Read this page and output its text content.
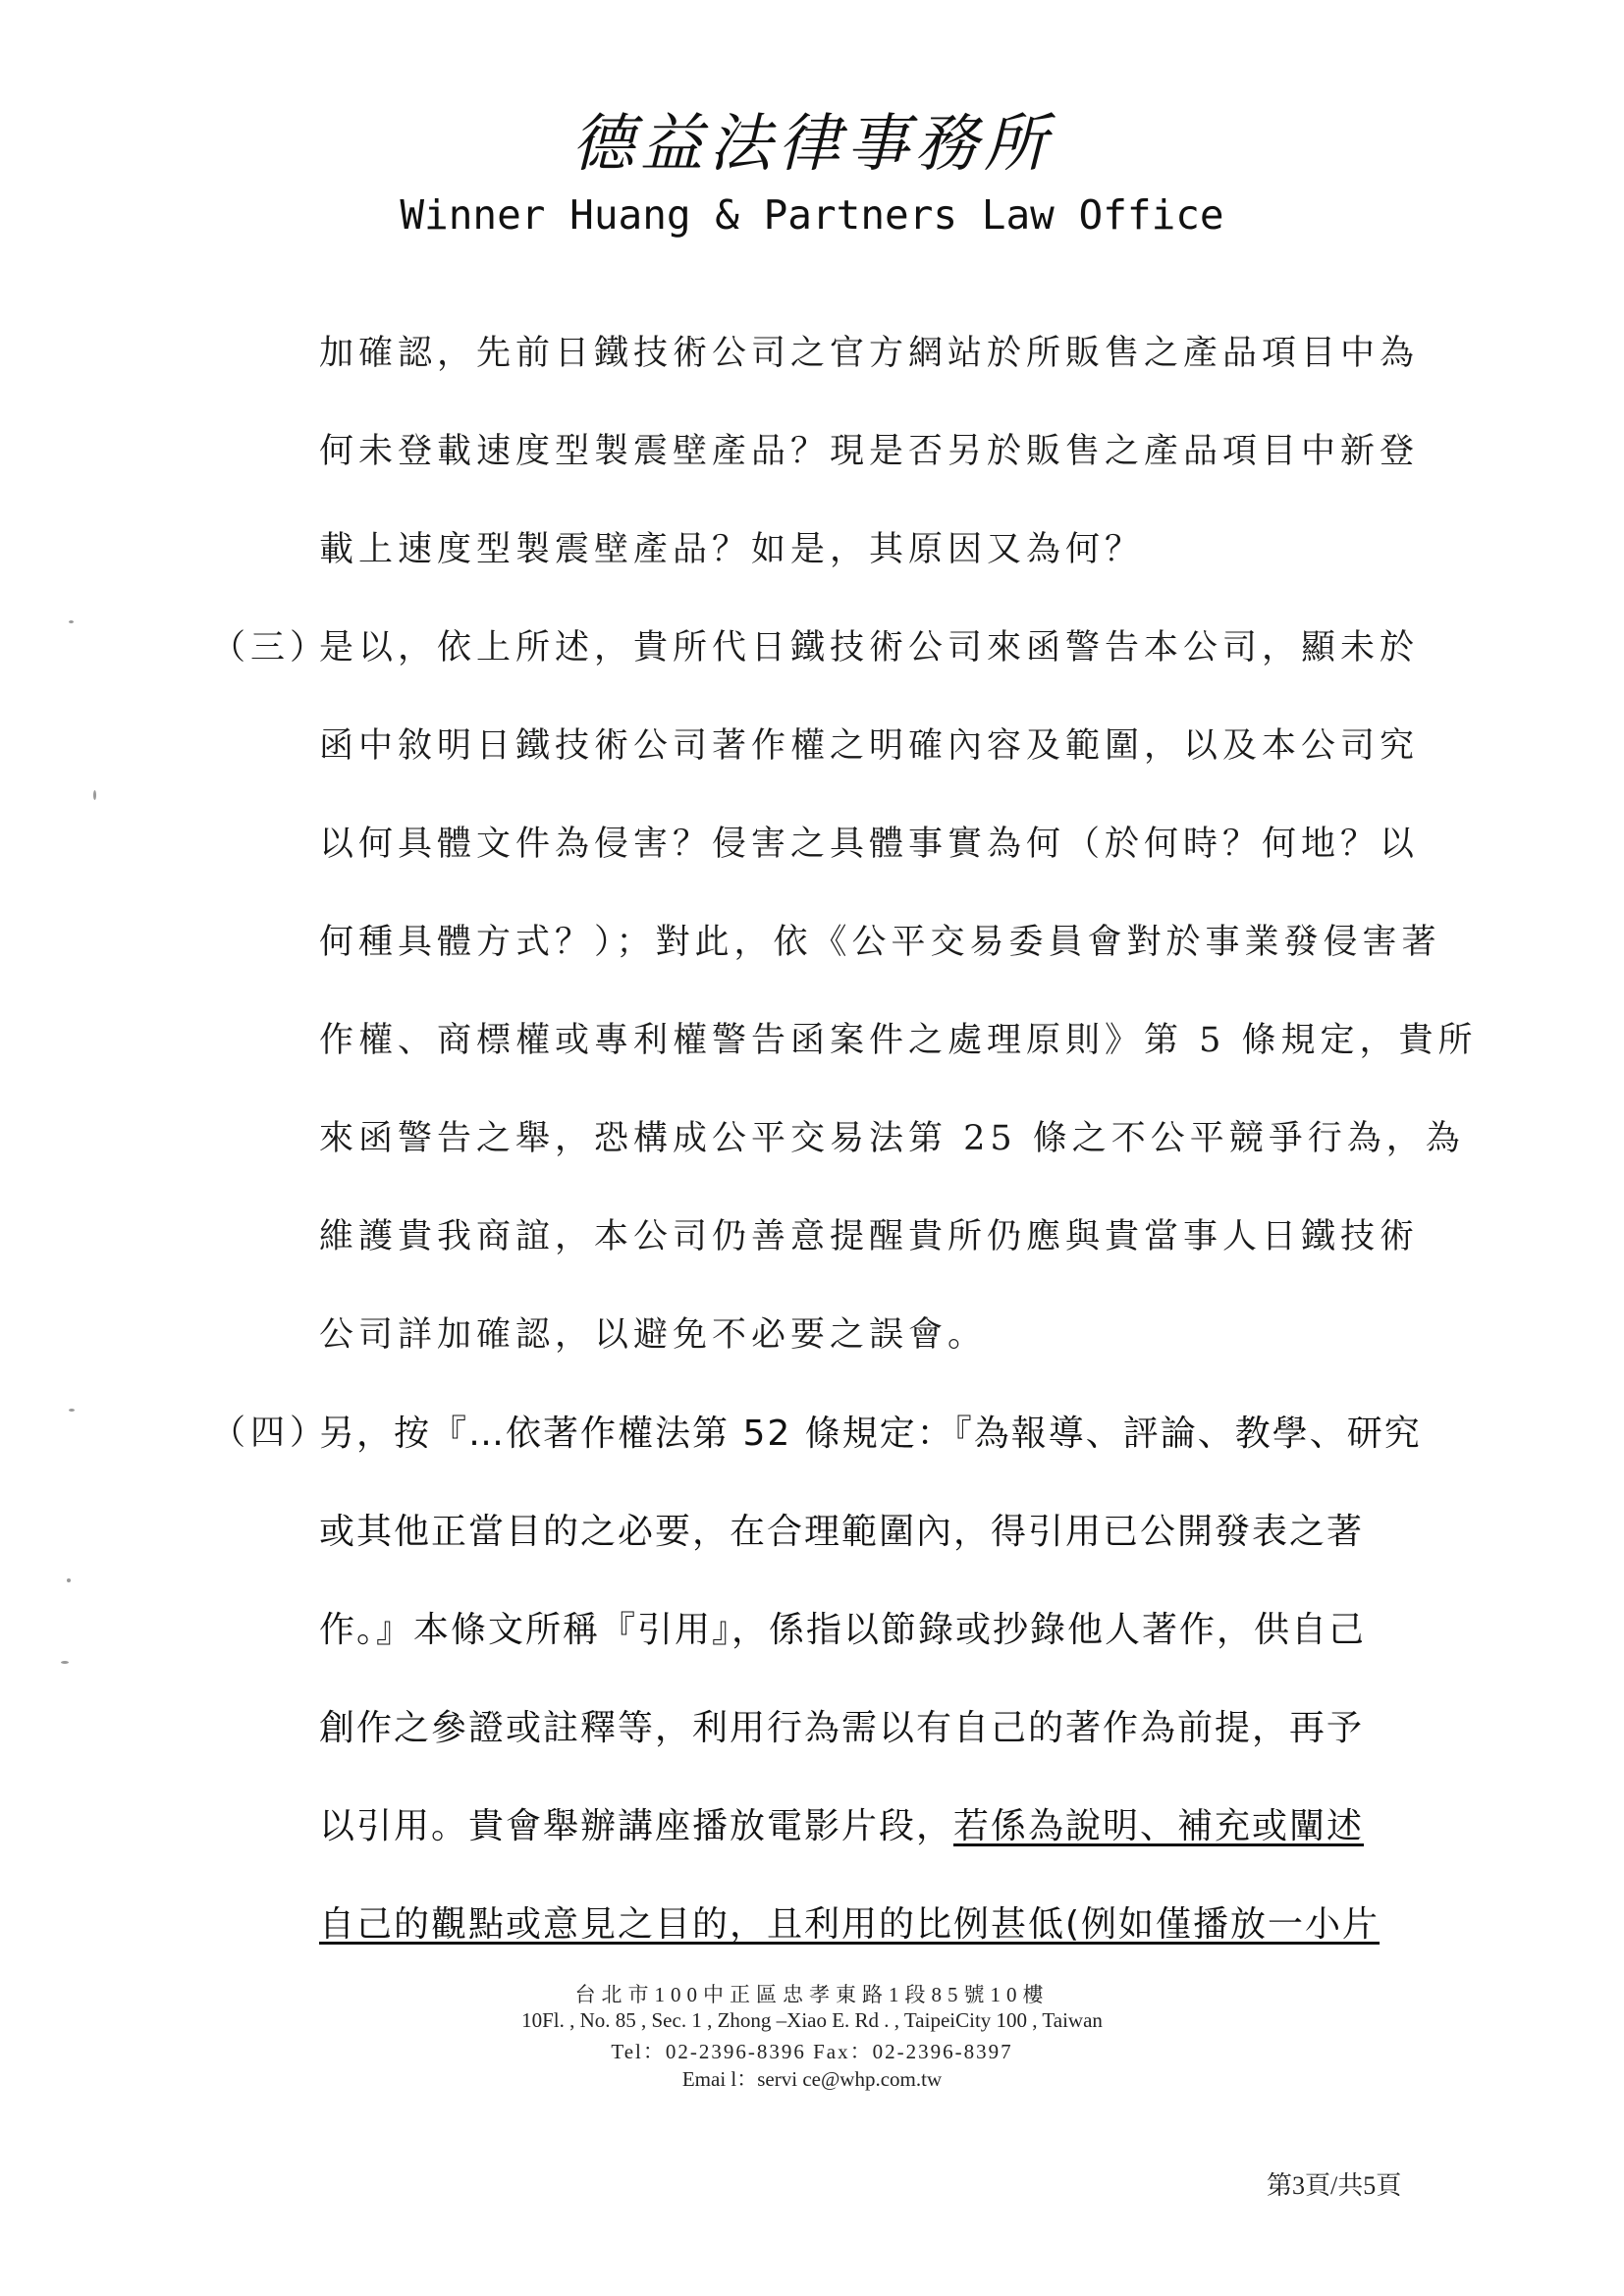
德益法律事務所
Winner Huang & Partners Law Office
加確認，先前日鐵技術公司之官方網站於所販售之產品項目中為
何未登載速度型製震壁產品？現是否另於販售之產品項目中新登
載上速度型製震壁產品？如是，其原因又為何？
（三）
是以，依上所述，貴所代日鐵技術公司來函警告本公司，顯未於
函中敘明日鐵技術公司著作權之明確內容及範圍，以及本公司究
以何具體文件為侵害？侵害之具體事實為何（於何時？何地？以
何種具體方式？）；對此，依《公平交易委員會對於事業發侵害著
作權、商標權或專利權警告函案件之處理原則》第 5 條規定，貴所
來函警告之舉，恐構成公平交易法第 25 條之不公平競爭行為，為
維護貴我商誼，本公司仍善意提醒貴所仍應與貴當事人日鐵技術
公司詳加確認，以避免不必要之誤會。
（四）
另，按『…依著作權法第 52 條規定：『為報導、評論、教學、研究
或其他正當目的之必要，在合理範圍內，得引用已公開發表之著
作。』本條文所稱『引用』，係指以節錄或抄錄他人著作，供自己
創作之參證或註釋等，利用行為需以有自己的著作為前提，再予
以引用。貴會舉辦講座播放電影片段，若係為說明、補充或闡述
自己的觀點或意見之目的，且利用的比例甚低(例如僅播放一小片
台北市100中正區忠孝東路1段85號10樓
10Fl. , No. 85 , Sec. 1 , Zhong –Xiao E. Rd . , TaipeiCity 100 , Taiwan
Tel：02-2396-8396 Fax：02-2396-8397
Emai l：servi ce@whp.com.tw
第3頁/共5頁
